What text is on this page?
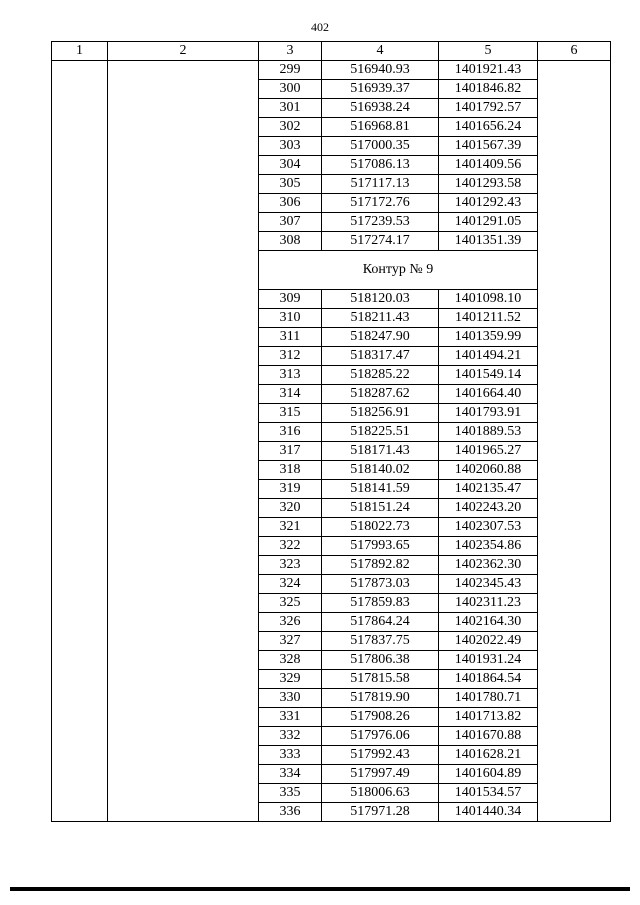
402
1	2	3	4	5	6
		299	516940.93	1401921.43	
		300	516939.37	1401846.82	
		301	516938.24	1401792.57	
		302	516968.81	1401656.24	
		303	517000.35	1401567.39	
		304	517086.13	1401409.56	
		305	517117.13	1401293.58	
		306	517172.76	1401292.43	
		307	517239.53	1401291.05	
		308	517274.17	1401351.39	
		Контур № 9			
		309	518120.03	1401098.10	
		310	518211.43	1401211.52	
		311	518247.90	1401359.99	
		312	518317.47	1401494.21	
		313	518285.22	1401549.14	
		314	518287.62	1401664.40	
		315	518256.91	1401793.91	
		316	518225.51	1401889.53	
		317	518171.43	1401965.27	
		318	518140.02	1402060.88	
		319	518141.59	1402135.47	
		320	518151.24	1402243.20	
		321	518022.73	1402307.53	
		322	517993.65	1402354.86	
		323	517892.82	1402362.30	
		324	517873.03	1402345.43	
		325	517859.83	1402311.23	
		326	517864.24	1402164.30	
		327	517837.75	1402022.49	
		328	517806.38	1401931.24	
		329	517815.58	1401864.54	
		330	517819.90	1401780.71	
		331	517908.26	1401713.82	
		332	517976.06	1401670.88	
		333	517992.43	1401628.21	
		334	517997.49	1401604.89	
		335	518006.63	1401534.57	
		336	517971.28	1401440.34	
